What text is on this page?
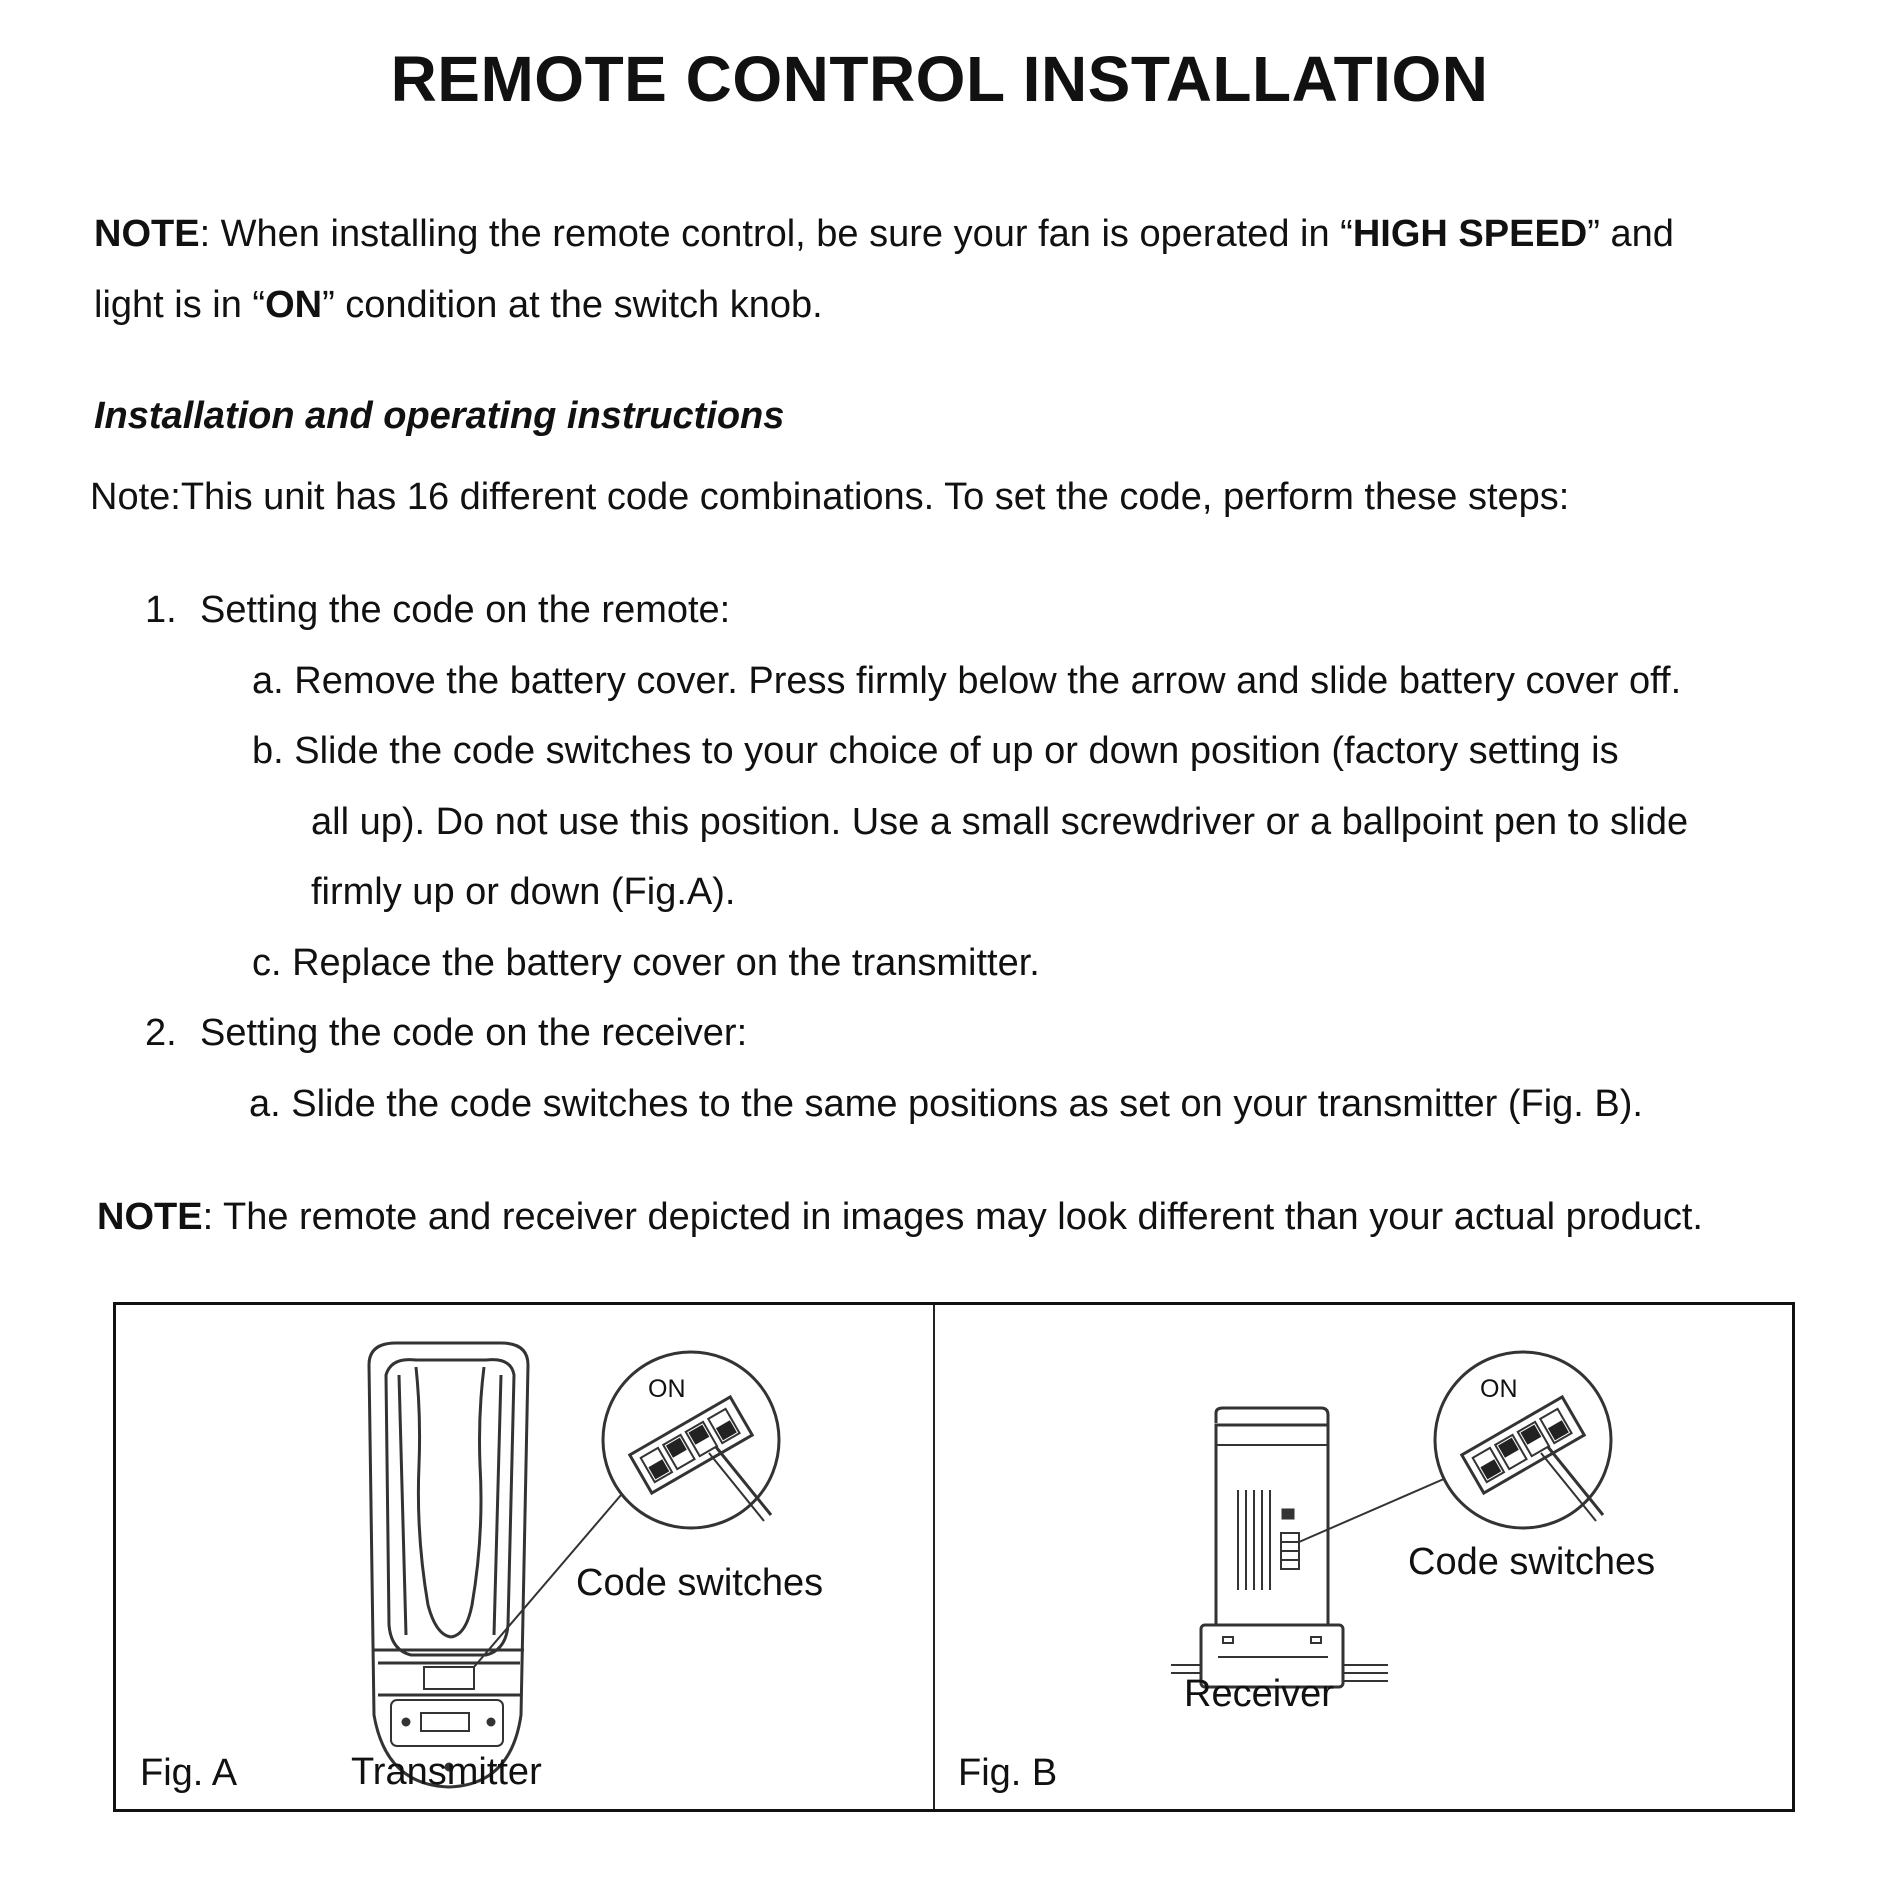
REMOTE CONTROL INSTALLATION
NOTE: When installing the remote control, be sure your fan is operated in “HIGH SPEED” and
light is in “ON” condition at the switch knob.
Installation and operating instructions
Note:This unit has 16 different code combinations. To set the code, perform these steps:
1. Setting the code on the remote:
a. Remove the battery cover. Press firmly below the arrow and slide battery cover off.
b. Slide the code switches to your choice of up or down position (factory setting is
all up). Do not use this position. Use a small screwdriver or a ballpoint pen to slide
firmly up or down (Fig.A).
c. Replace the battery cover on the transmitter.
2. Setting the code on the receiver:
a. Slide the code switches to the same positions as set on your transmitter (Fig. B).
NOTE: The remote and receiver depicted in images may look different than your actual product.
ON
Code switches
Fig. A	Transmitter
ON
Code switches
Receiver
Fig. B
